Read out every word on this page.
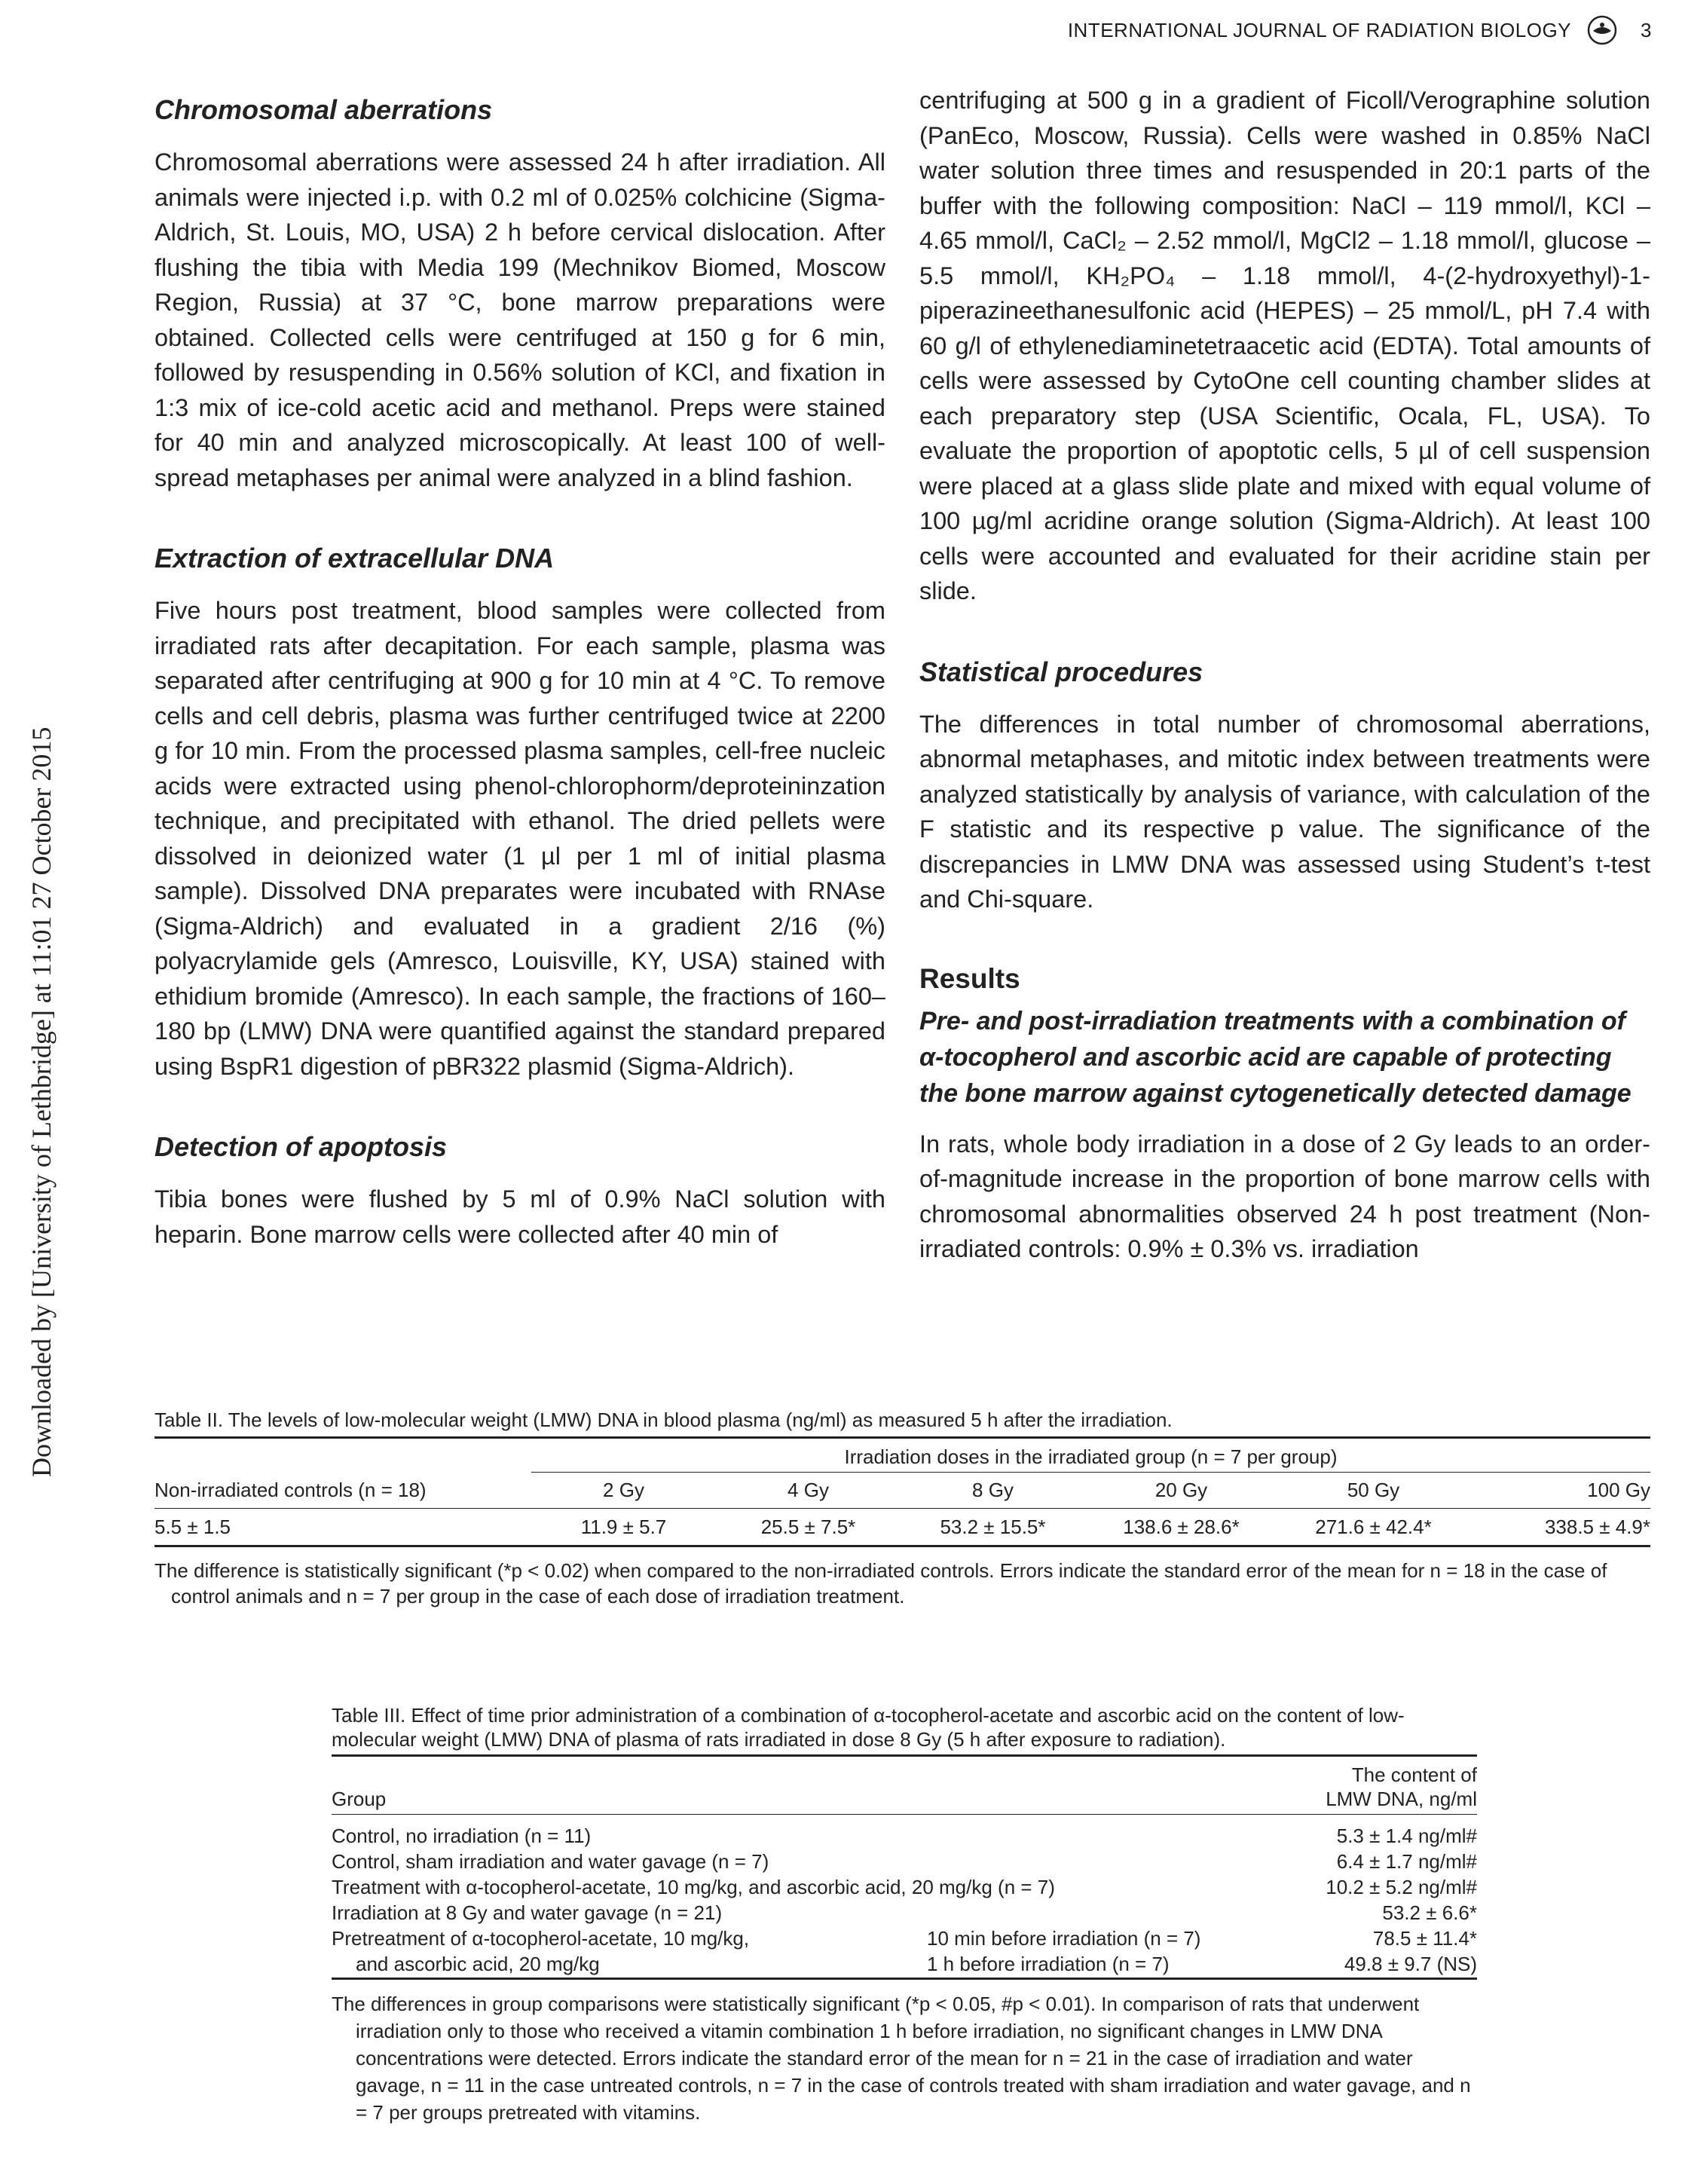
INTERNATIONAL JOURNAL OF RADIATION BIOLOGY	3
Downloaded by [University of Lethbridge] at 11:01 27 October 2015
Chromosomal aberrations

Chromosomal aberrations were assessed 24 h after irradiation. All animals were injected i.p. with 0.2 ml of 0.025% colchicine (Sigma-Aldrich, St. Louis, MO, USA) 2 h before cervical dislocation. After flushing the tibia with Media 199 (Mechnikov Biomed, Moscow Region, Russia) at 37 °C, bone marrow preparations were obtained. Collected cells were centrifuged at 150 g for 6 min, followed by resuspending in 0.56% solution of KCl, and fixation in 1:3 mix of ice-cold acetic acid and methanol. Preps were stained for 40 min and analyzed microscopically. At least 100 of well-spread metaphases per animal were analyzed in a blind fashion.

Extraction of extracellular DNA

Five hours post treatment, blood samples were collected from irradiated rats after decapitation. For each sample, plasma was separated after centrifuging at 900 g for 10 min at 4 °C. To remove cells and cell debris, plasma was further centrifuged twice at 2200 g for 10 min. From the processed plasma samples, cell-free nucleic acids were extracted using phenol-chlorophorm/deproteininzation technique, and precipitated with ethanol. The dried pellets were dissolved in deionized water (1 µl per 1 ml of initial plasma sample). Dissolved DNA preparates were incubated with RNAse (Sigma-Aldrich) and evaluated in a gradient 2/16 (%) polyacrylamide gels (Amresco, Louisville, KY, USA) stained with ethidium bromide (Amresco). In each sample, the fractions of 160–180 bp (LMW) DNA were quantified against the standard prepared using BspR1 digestion of pBR322 plasmid (Sigma-Aldrich).

Detection of apoptosis

Tibia bones were flushed by 5 ml of 0.9% NaCl solution with heparin. Bone marrow cells were collected after 40 min of

centrifuging at 500 g in a gradient of Ficoll/Verographine solution (PanEco, Moscow, Russia). Cells were washed in 0.85% NaCl water solution three times and resuspended in 20:1 parts of the buffer with the following composition: NaCl – 119 mmol/l, KCl – 4.65 mmol/l, CaCl₂ – 2.52 mmol/l, MgCl2 – 1.18 mmol/l, glucose – 5.5 mmol/l, KH₂PO₄ – 1.18 mmol/l, 4-(2-hydroxyethyl)-1-piperazineethanesulfonic acid (HEPES) – 25 mmol/L, pH 7.4 with 60 g/l of ethylenediaminetetraacetic acid (EDTA). Total amounts of cells were assessed by CytoOne cell counting chamber slides at each preparatory step (USA Scientific, Ocala, FL, USA). To evaluate the proportion of apoptotic cells, 5 µl of cell suspension were placed at a glass slide plate and mixed with equal volume of 100 µg/ml acridine orange solution (Sigma-Aldrich). At least 100 cells were accounted and evaluated for their acridine stain per slide.

Statistical procedures

The differences in total number of chromosomal aberrations, abnormal metaphases, and mitotic index between treatments were analyzed statistically by analysis of variance, with calculation of the F statistic and its respective p value. The significance of the discrepancies in LMW DNA was assessed using Student’s t-test and Chi-square.

Results
Pre- and post-irradiation treatments with a combination of α-tocopherol and ascorbic acid are capable of protecting the bone marrow against cytogenetically detected damage

In rats, whole body irradiation in a dose of 2 Gy leads to an order-of-magnitude increase in the proportion of bone marrow cells with chromosomal abnormalities observed 24 h post treatment (Non-irradiated controls: 0.9% ± 0.3% vs. irradiation

Table II. The levels of low-molecular weight (LMW) DNA in blood plasma (ng/ml) as measured 5 h after the irradiation.
	Irradiation doses in the irradiated group (n = 7 per group)					

Non-irradiated controls (n = 18)	2 Gy	4 Gy	8 Gy	20 Gy	50 Gy	100 Gy
5.5 ± 1.5	11.9 ± 5.7	25.5 ± 7.5*	53.2 ± 15.5*	138.6 ± 28.6*	271.6 ± 42.4*	338.5 ± 4.9*
The difference is statistically significant (*p < 0.02) when compared to the non-irradiated controls. Errors indicate the standard error of the mean for n = 18 in the case of control animals and n = 7 per group in the case of each dose of irradiation treatment.
Table III. Effect of time prior administration of a combination of α-tocopherol-acetate and ascorbic acid on the content of low-molecular weight (LMW) DNA of plasma of rats irradiated in dose 8 Gy (5 h after exposure to radiation).
Group		The content of
LMW DNA, ng/ml

Control, no irradiation (n = 11)		5.3 ± 1.4 ng/ml#
Control, sham irradiation and water gavage (n = 7)		6.4 ± 1.7 ng/ml#
Treatment with α-tocopherol-acetate, 10 mg/kg, and ascorbic acid, 20 mg/kg (n = 7)		10.2 ± 5.2 ng/ml#
Irradiation at 8 Gy and water gavage (n = 21)		53.2 ± 6.6*
Pretreatment of α-tocopherol-acetate, 10 mg/kg,	10 min before irradiation (n = 7)	78.5 ± 11.4*
and ascorbic acid, 20 mg/kg	1 h before irradiation (n = 7)	49.8 ± 9.7 (NS)
The differences in group comparisons were statistically significant (*p < 0.05, #p < 0.01). In comparison of rats that underwent irradiation only to those who received a vitamin combination 1 h before irradiation, no significant changes in LMW DNA concentrations were detected. Errors indicate the standard error of the mean for n = 21 in the case of irradiation and water gavage, n = 11 in the case untreated controls, n = 7 in the case of controls treated with sham irradiation and water gavage, and n = 7 per groups pretreated with vitamins.
